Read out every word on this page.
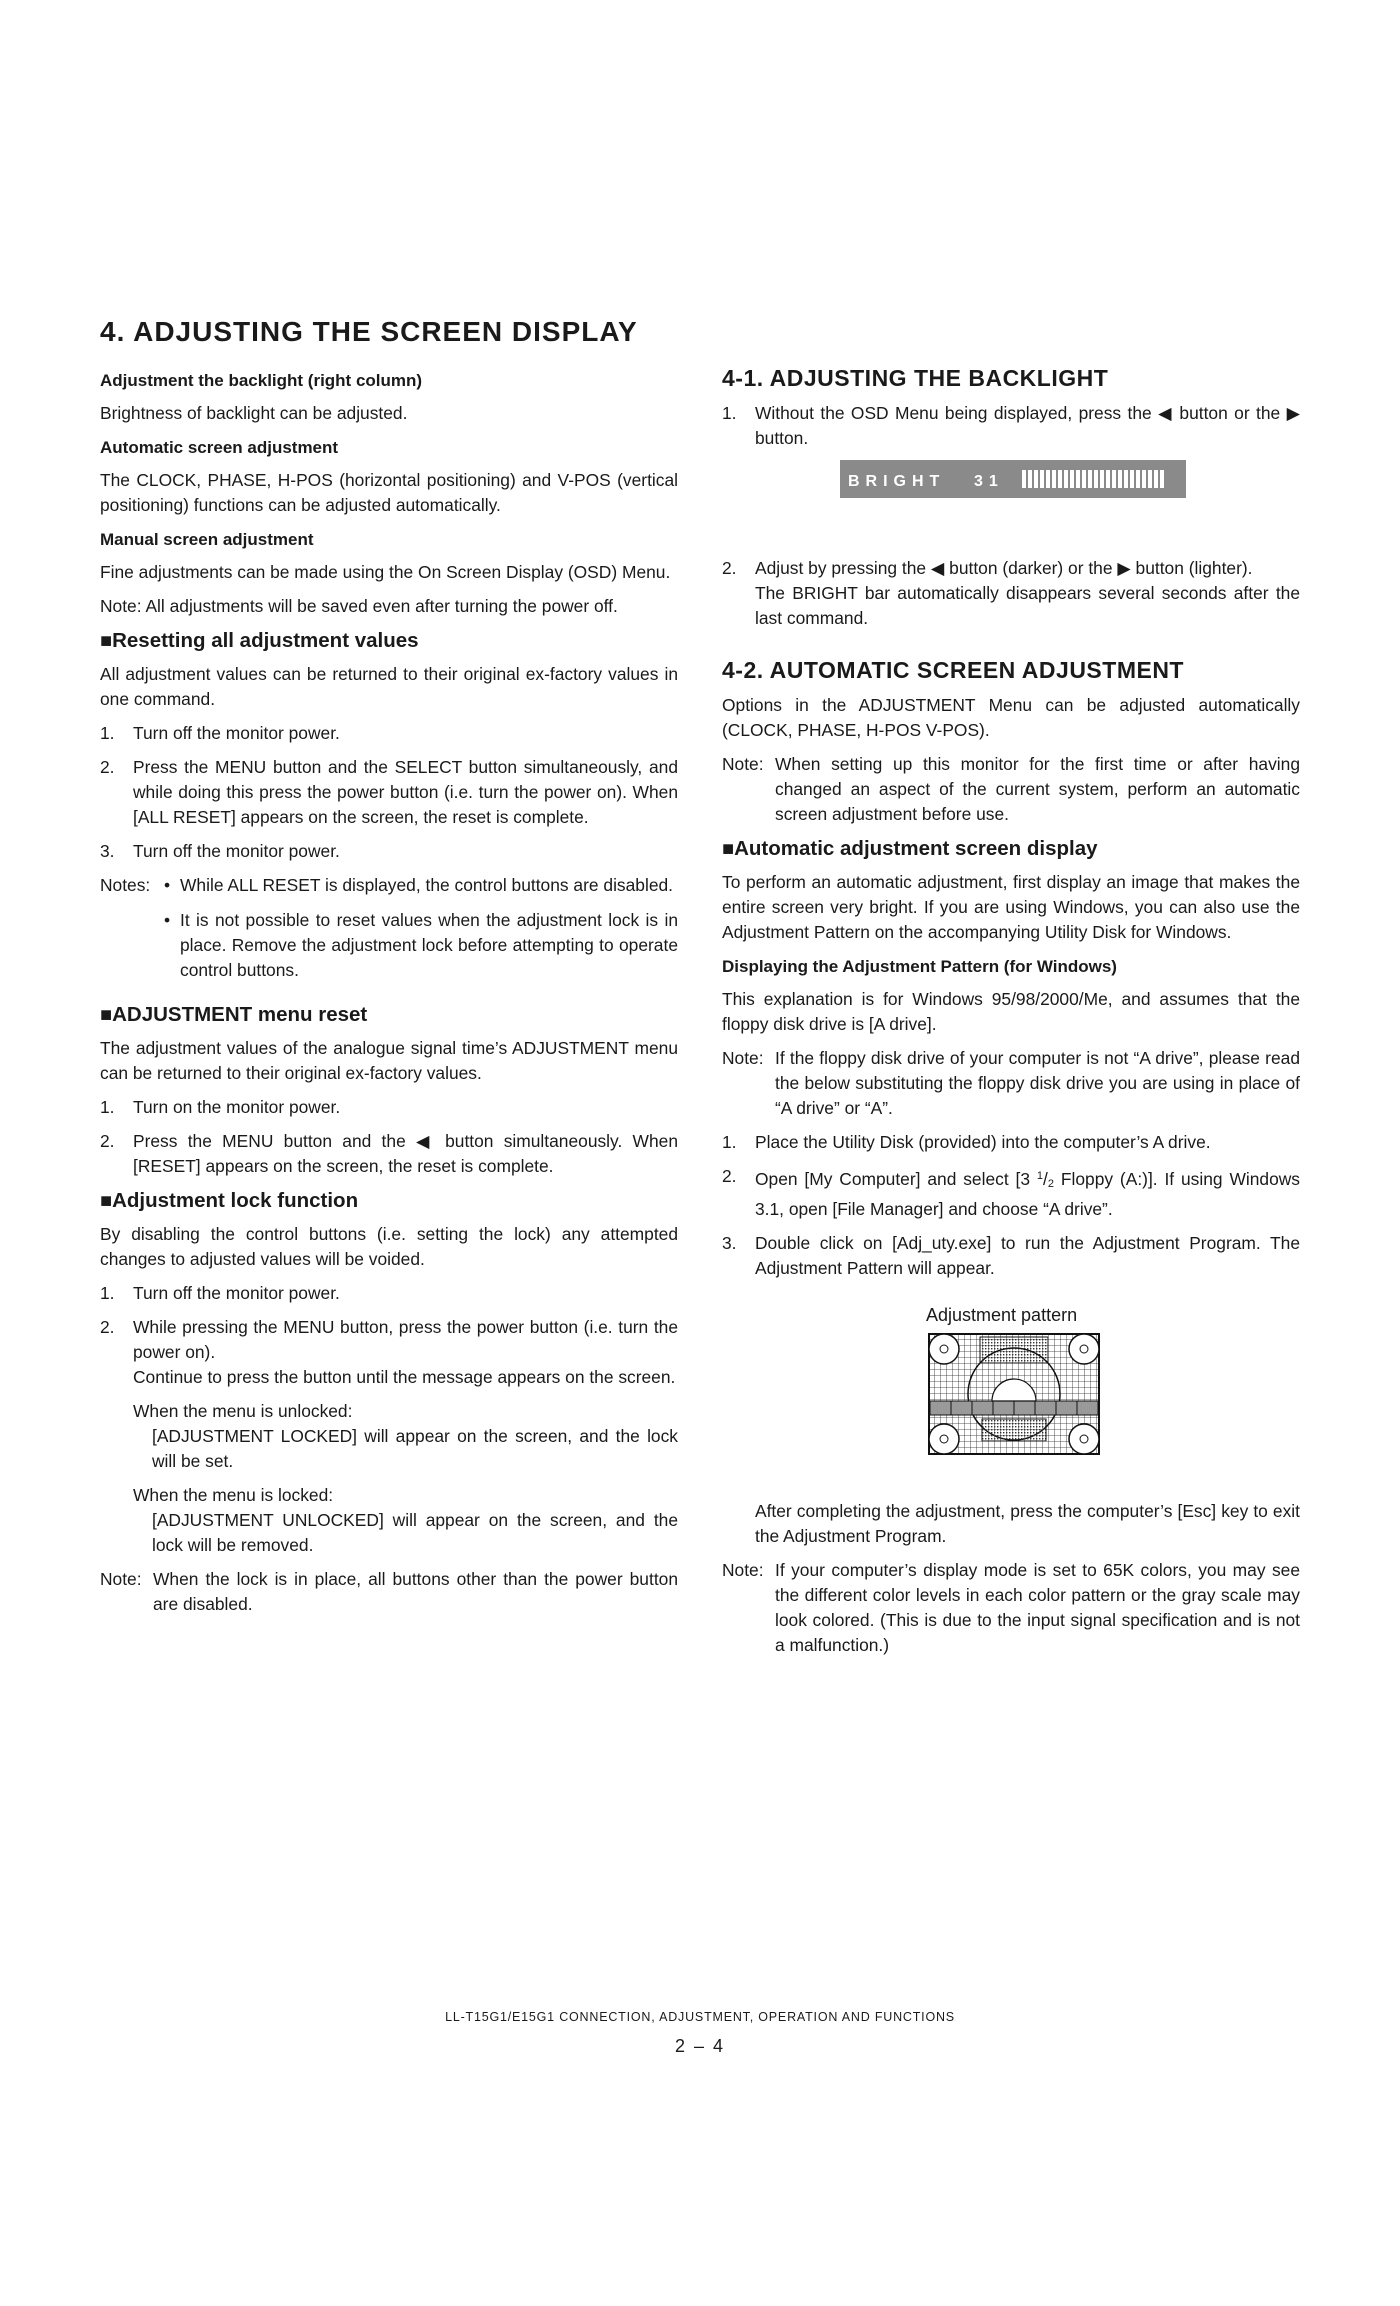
4. ADJUSTING THE SCREEN DISPLAY
Adjustment the backlight (right column)

Brightness of backlight can be adjusted.

Automatic screen adjustment

The CLOCK, PHASE, H-POS (horizontal positioning) and V-POS (vertical positioning) functions can be adjusted automatically.

Manual screen adjustment

Fine adjustments can be made using the On Screen Display (OSD) Menu.

Note: All adjustments will be saved even after turning the power off.

■Resetting all adjustment values

All adjustment values can be returned to their original ex-factory values in one command.

1.	Turn off the monitor power.
2.	Press the MENU button and the SELECT button simultaneously, and while doing this press the power button (i.e. turn the power on). When [ALL RESET] appears on the screen, the reset is complete.
3.	Turn off the monitor power.
Notes: • While ALL RESET is displayed, the control buttons are disabled.
• It is not possible to reset values when the adjustment lock is in place. Remove the adjustment lock before attempting to operate control buttons.
■ADJUSTMENT menu reset

The adjustment values of the analogue signal time’s ADJUSTMENT menu can be returned to their original ex-factory values.

1.	Turn on the monitor power.
2.	Press the MENU button and the ◀ button simultaneously. When [RESET] appears on the screen, the reset is complete.
■Adjustment lock function

By disabling the control buttons (i.e. setting the lock) any attempted changes to adjusted values will be voided.

1.	Turn off the monitor power.
2.	While pressing the MENU button, press the power button (i.e. turn the power on).
Continue to press the button until the message appears on the screen.
When the menu is unlocked:
[ADJUSTMENT LOCKED] will appear on the screen, and the lock will be set.
When the menu is locked:
[ADJUSTMENT UNLOCKED] will appear on the screen, and the lock will be removed.
Note: When the lock is in place, all buttons other than the power button are disabled.
4-1. ADJUSTING THE BACKLIGHT
1.	Without the OSD Menu being displayed, press the ◀ button or the ▶ button.
BRIGHT 31
2.	Adjust by pressing the ◀ button (darker) or the ▶ button (lighter).
The BRIGHT bar automatically disappears several seconds after the last command.
4-2. AUTOMATIC SCREEN ADJUSTMENT

Options in the ADJUSTMENT Menu can be adjusted automatically (CLOCK, PHASE, H-POS V-POS).

Note: When setting up this monitor for the first time or after having changed an aspect of the current system, perform an automatic screen adjustment before use.
■Automatic adjustment screen display

To perform an automatic adjustment, first display an image that makes the entire screen very bright. If you are using Windows, you can also use the Adjustment Pattern on the accompanying Utility Disk for Windows.

Displaying the Adjustment Pattern (for Windows)

This explanation is for Windows 95/98/2000/Me, and assumes that the floppy disk drive is [A drive].

Note: If the floppy disk drive of your computer is not “A drive”, please read the below substituting the floppy disk drive you are using in place of “A drive” or “A”.
1.	Place the Utility Disk (provided) into the computer’s A drive.
2.	Open [My Computer] and select [3 $^1/_2$ Floppy (A:)]. If using Windows 3.1, open [File Manager] and choose “A drive”.
3.	Double click on [Adj_uty.exe] to run the Adjustment Program. The Adjustment Pattern will appear.
Adjustment pattern

After completing the adjustment, press the computer’s [Esc] key to exit the Adjustment Program.

Note: If your computer’s display mode is set to 65K colors, you may see the different color levels in each color pattern or the gray scale may look colored. (This is due to the input signal specification and is not a malfunction.)
LL-T15G1/E15G1 CONNECTION, ADJUSTMENT, OPERATION AND FUNCTIONS
2 – 4
